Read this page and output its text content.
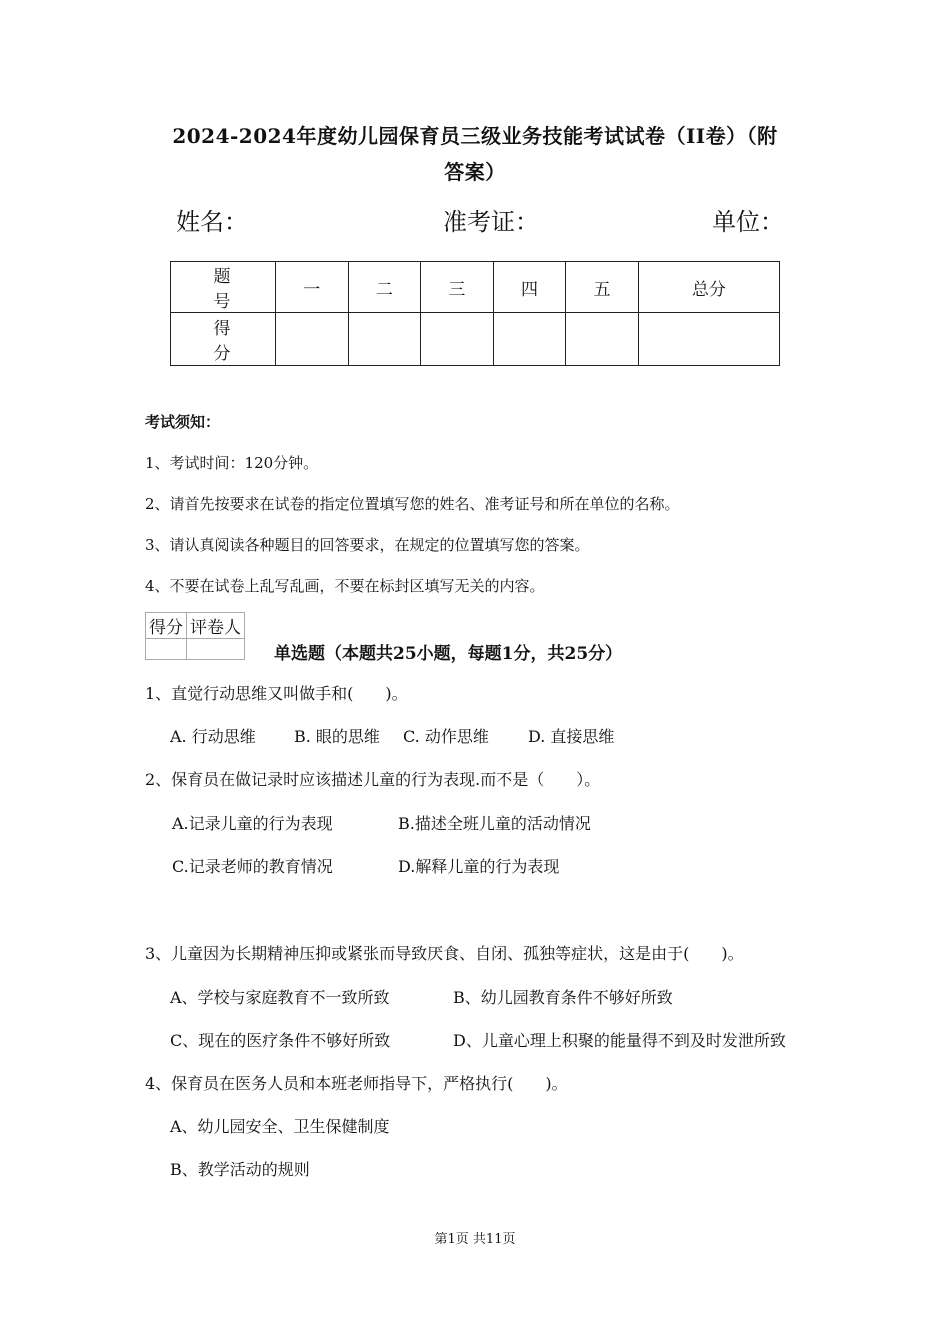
2024-2024年度幼儿园保育员三级业务技能考试试卷（II卷）（附
答案）
姓名：	准考证：	单位：
题 号	一	二	三	四	五	总分
得 分						
考试须知：
1、考试时间：120分钟。
2、请首先按要求在试卷的指定位置填写您的姓名、准考证号和所在单位的名称。
3、请认真阅读各种题目的回答要求，在规定的位置填写您的答案。
4、不要在试卷上乱写乱画，不要在标封区填写无关的内容。
得分	评卷人

单选题（本题共25小题，每题1分，共25分）
1、直觉行动思维又叫做手和(　　)。
A. 行动思维 B. 眼的思维 C. 动作思维 D. 直接思维
2、保育员在做记录时应该描述儿童的行为表现.而不是（　　）。
A.记录儿童的行为表现	B.描述全班儿童的活动情况
C.记录老师的教育情况	D.解释儿童的行为表现
3、儿童因为长期精神压抑或紧张而导致厌食、自闭、孤独等症状，这是由于(　　)。
A、学校与家庭教育不一致所致	B、幼儿园教育条件不够好所致
C、现在的医疗条件不够好所致	D、儿童心理上积聚的能量得不到及时发泄所致
4、保育员在医务人员和本班老师指导下，严格执行(　　)。
A、幼儿园安全、卫生保健制度
B、教学活动的规则
第1页 共11页
